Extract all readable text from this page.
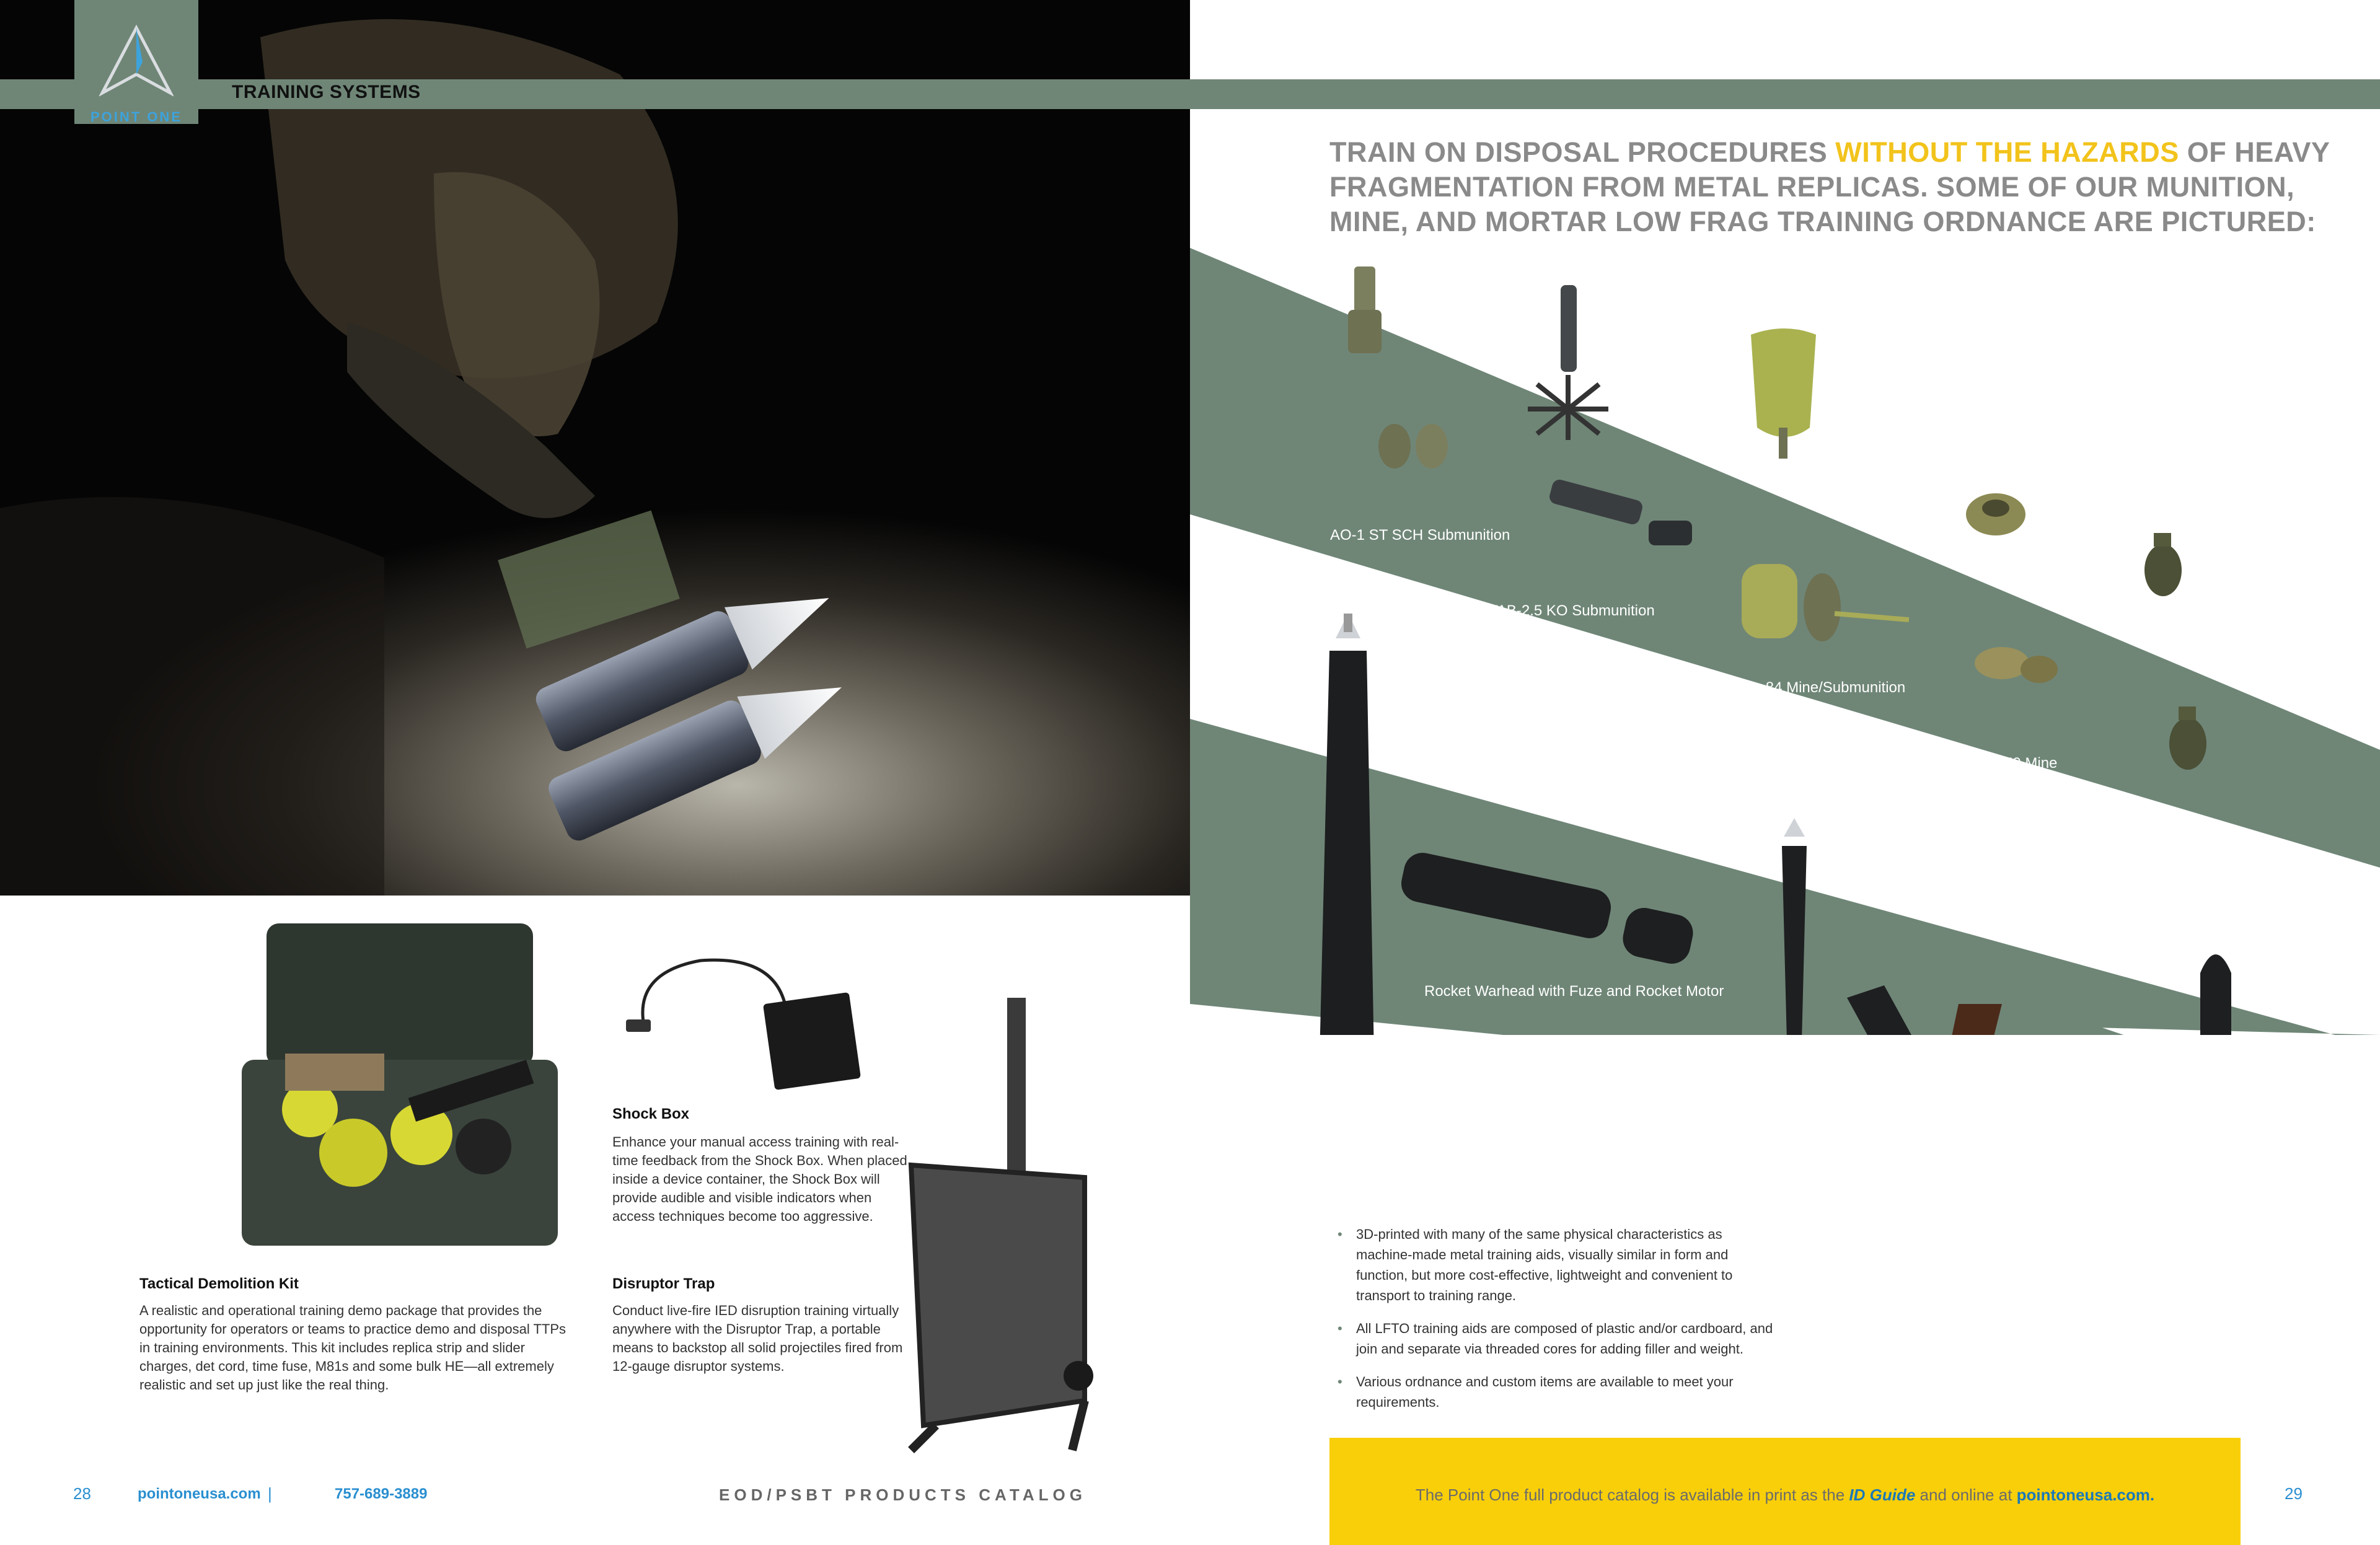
POINT ONE
TRAINING SYSTEMS
TRAIN ON DISPOSAL PROCEDURES WITHOUT THE HAZARDS OF HEAVY FRAGMENTATION FROM METAL REPLICAS. SOME OF OUR MUNITION, MINE, AND MORTAR LOW FRAG TRAINING ORDNANCE ARE PICTURED:
AO-1 ST SCH Submunition
PTAB-2.5 KO Submunition
Chinese-Type 84 Mine/Submunition
VS-50 Mine
Mk2 "Pineapple" Grenade
Rocket Warhead with Fuze and Rocket Motor
Improvised Recoilless Rifle Munition (75mm)
Improvised 82mm Mortar and Fuze
Tactical Demolition Kit
A realistic and operational training demo package that provides the opportunity for operators or teams to practice demo and disposal TTPs in training environments. This kit includes replica strip and slider charges, det cord, time fuse, M81s and some bulk HE—all extremely realistic and set up just like the real thing.
Shock Box
Enhance your manual access training with real-time feedback from the Shock Box. When placed inside a device container, the Shock Box will provide audible and visible indicators when access techniques become too aggressive.
Disruptor Trap
Conduct live-fire IED disruption training virtually anywhere with the Disruptor Trap, a portable means to backstop all solid projectiles fired from 12-gauge disruptor systems.
• 3D-printed with many of the same physical characteristics as machine-made metal training aids, visually similar in form and function, but more cost-effective, lightweight and convenient to transport to training range.
• All LFTO training aids are composed of plastic and/or cardboard, and join and separate via threaded cores for adding filler and weight.
• Various ordnance and custom items are available to meet your requirements.
28	pointoneusa.com |	757-689-3889	EOD/PSBT PRODUCTS CATALOG	The Point One full product catalog is available in print as the ID Guide and online at pointoneusa.com.	29
